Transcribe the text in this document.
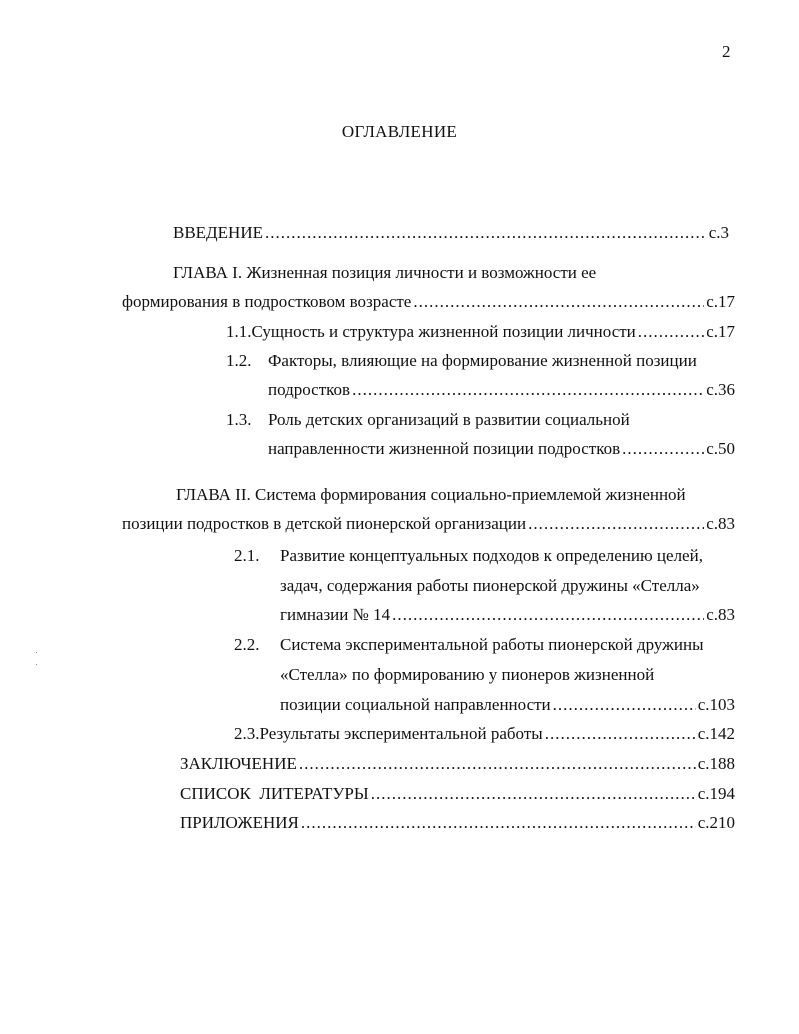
2
ОГЛАВЛЕНИЕ
ВВЕДЕНИЕ .....	с.3
ГЛАВА I. Жизненная позиция личности и возможности ее
формирования в подростковом возрасте .....	с.17
1.1. Сущность и структура жизненной позиции личности .....	с.17
1.2. Факторы, влияющие на формирование жизненной позиции
подростков .....	с.36
1.3. Роль детских организаций в развитии социальной
направленности жизненной позиции подростков .....	с.50
ГЛАВА II. Система формирования социально-приемлемой жизненной
позиции подростков в детской пионерской организации .....	с.83
2.1. Развитие концептуальных подходов к определению целей,
задач, содержания работы пионерской дружины «Стелла»
гимназии № 14 .....	с.83
2.2. Система экспериментальной работы пионерской дружины
«Стелла» по формированию у пионеров жизненной
позиции социальной направленности .....	с.103
2.3. Результаты экспериментальной работы .....	с.142
ЗАКЛЮЧЕНИЕ .....	с.188
СПИСОК  ЛИТЕРАТУРЫ .....	с.194
ПРИЛОЖЕНИЯ .....	с.210
